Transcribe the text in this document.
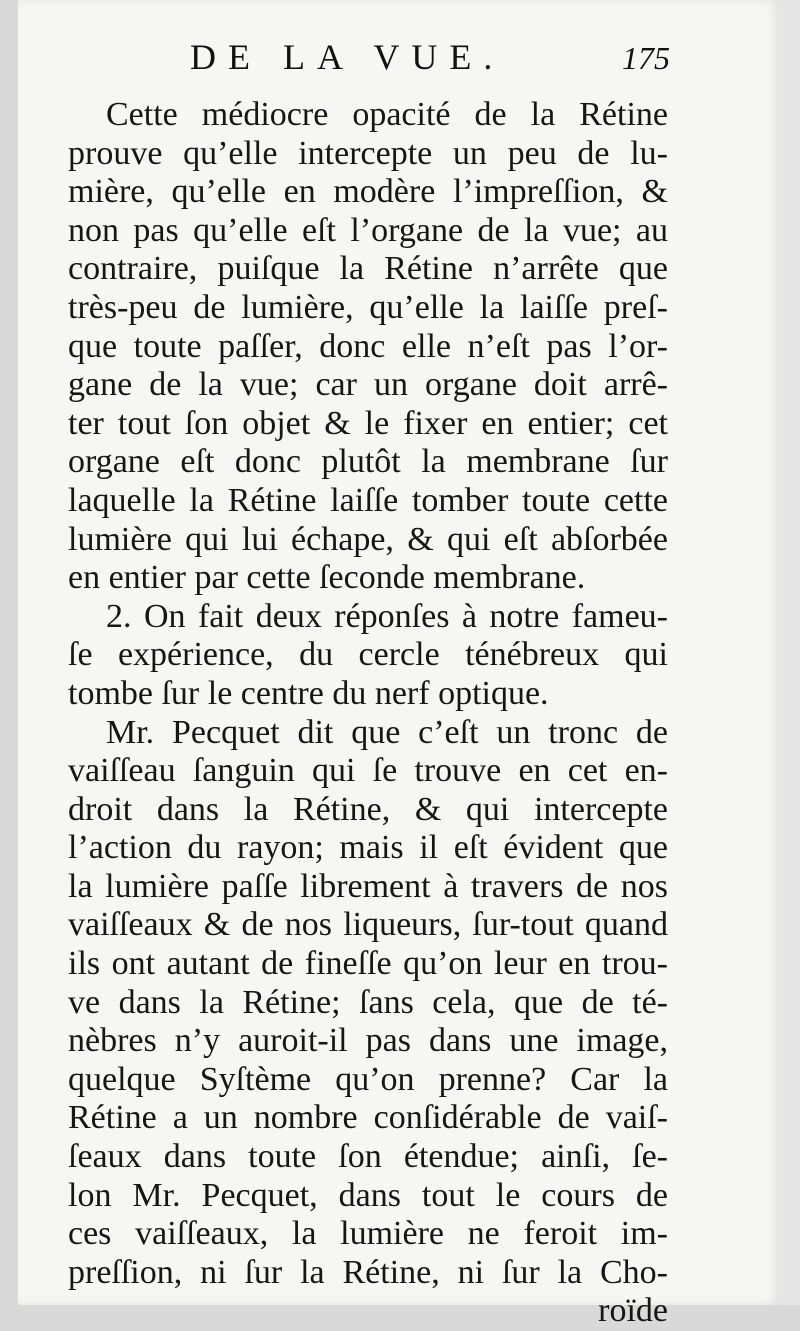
DE LA VUE.	175
Cette médiocre opacité de la Rétine
prouve qu’elle intercepte un peu de lu-
mière, qu’elle en modère l’impreſſion, &
non pas qu’elle eſt l’organe de la vue; au
contraire, puiſque la Rétine n’arrête que
très-peu de lumière, qu’elle la laiſſe preſ-
que toute paſſer, donc elle n’eſt pas l’or-
gane de la vue; car un organe doit arrê-
ter tout ſon objet & le fixer en entier; cet
organe eſt donc plutôt la membrane ſur
laquelle la Rétine laiſſe tomber toute cette
lumière qui lui échape, & qui eſt abſorbée
en entier par cette ſeconde membrane.
2. On fait deux réponſes à notre fameu-
ſe expérience, du cercle ténébreux qui
tombe ſur le centre du nerf optique.
Mr. Pecquet dit que c’eſt un tronc de
vaiſſeau ſanguin qui ſe trouve en cet en-
droit dans la Rétine, & qui intercepte
l’action du rayon; mais il eſt évident que
la lumière paſſe librement à travers de nos
vaiſſeaux & de nos liqueurs, ſur-tout quand
ils ont autant de fineſſe qu’on leur en trou-
ve dans la Rétine; ſans cela, que de té-
nèbres n’y auroit-il pas dans une image,
quelque Syſtème qu’on prenne? Car la
Rétine a un nombre conſidérable de vaiſ-
ſeaux dans toute ſon étendue; ainſi, ſe-
lon Mr. Pecquet, dans tout le cours de
ces vaiſſeaux, la lumière ne feroit im-
preſſion, ni ſur la Rétine, ni ſur la Cho-
roïde
